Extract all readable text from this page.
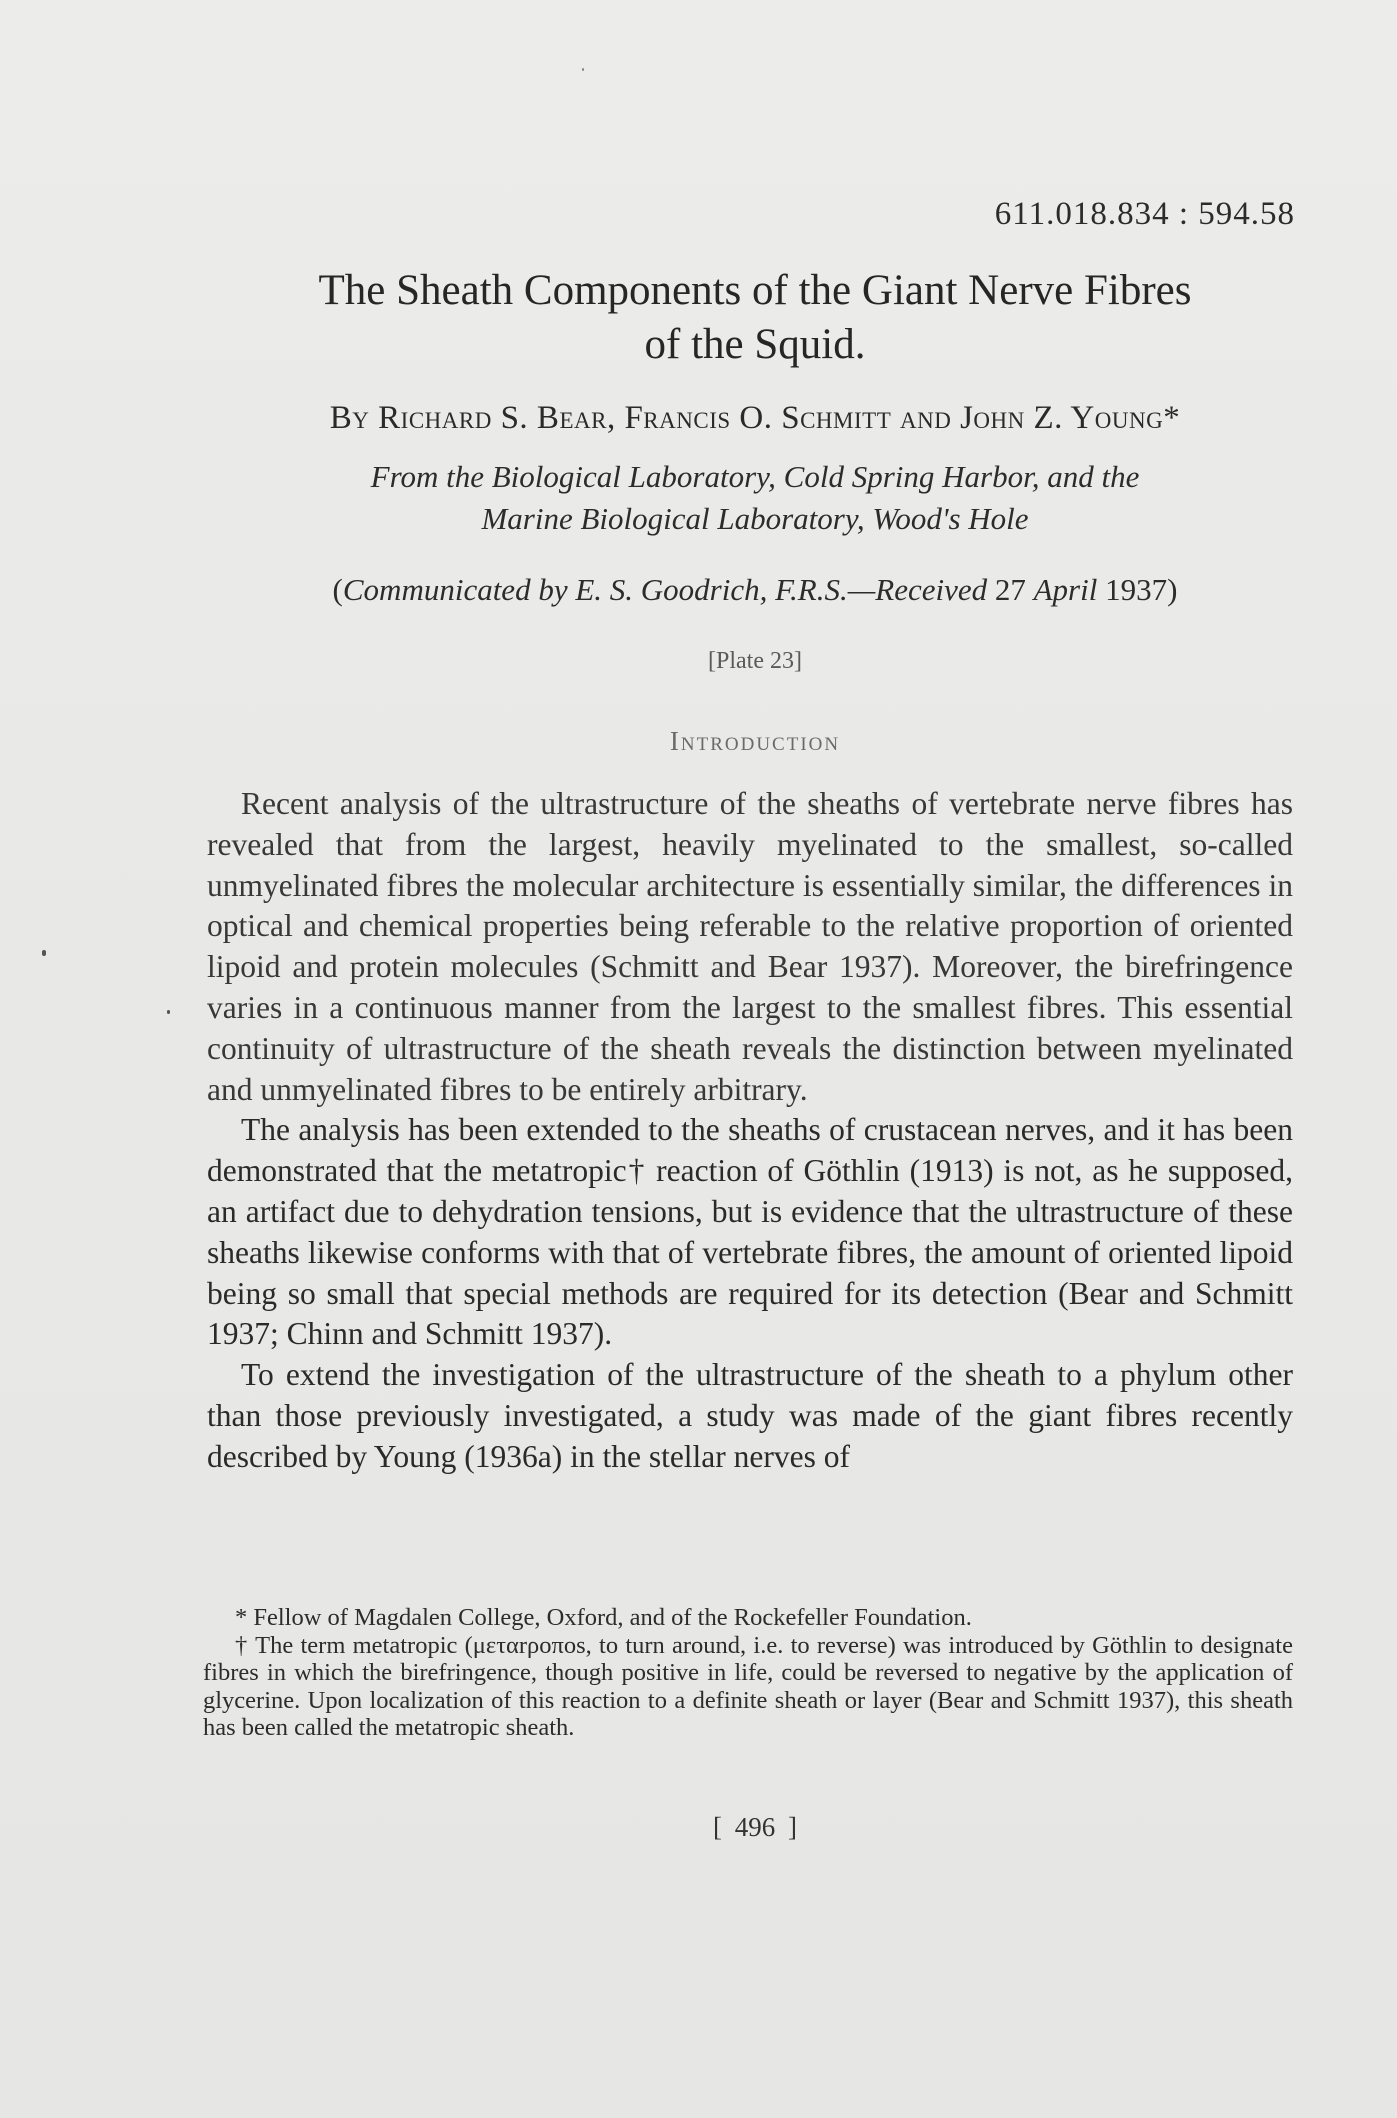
611.018.834 : 594.58
The Sheath Components of the Giant Nerve Fibres
of the Squid.
By Richard S. Bear, Francis O. Schmitt and John Z. Young*
From the Biological Laboratory, Cold Spring Harbor, and the
Marine Biological Laboratory, Wood's Hole
(Communicated by E. S. Goodrich, F.R.S.—Received 27 April 1937)
[Plate 23]
Introduction

Recent analysis of the ultrastructure of the sheaths of vertebrate nerve fibres has revealed that from the largest, heavily myelinated to the smallest, so-called unmyelinated fibres the molecular architecture is essentially similar, the differences in optical and chemical properties being referable to the relative proportion of oriented lipoid and protein molecules (Schmitt and Bear 1937). Moreover, the birefringence varies in a continuous manner from the largest to the smallest fibres. This essential continuity of ultrastructure of the sheath reveals the distinction between myelinated and unmyelinated fibres to be entirely arbitrary.

The analysis has been extended to the sheaths of crustacean nerves, and it has been demonstrated that the metatropic† reaction of Göthlin (1913) is not, as he supposed, an artifact due to dehydration tensions, but is evidence that the ultrastructure of these sheaths likewise conforms with that of vertebrate fibres, the amount of oriented lipoid being so small that special methods are required for its detection (Bear and Schmitt 1937; Chinn and Schmitt 1937).

To extend the investigation of the ultrastructure of the sheath to a phylum other than those previously investigated, a study was made of the giant fibres recently described by Young (1936a) in the stellar nerves of

* Fellow of Magdalen College, Oxford, and of the Rockefeller Foundation.

† The term metatropic (μεταrροποs, to turn around, i.e. to reverse) was introduced by Göthlin to designate fibres in which the birefringence, though positive in life, could be reversed to negative by the application of glycerine. Upon localization of this reaction to a definite sheath or layer (Bear and Schmitt 1937), this sheath has been called the metatropic sheath.

[ 496 ]
